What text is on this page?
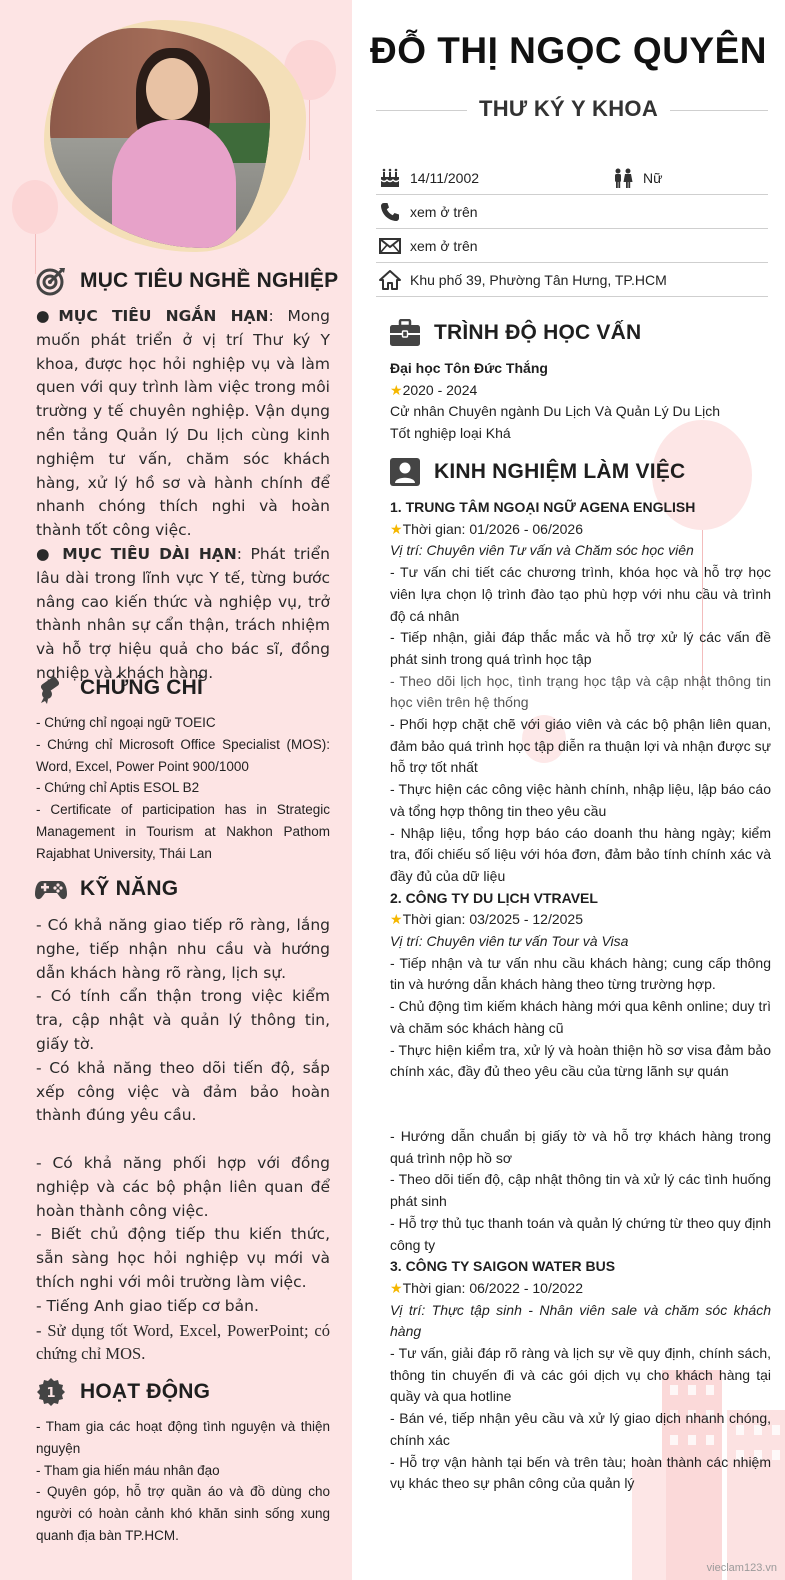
MỤC TIÊU NGHỀ NGHIỆP
●MỤC TIÊU NGẮN HẠN: Mong muốn phát triển ở vị trí Thư ký Y khoa, được học hỏi nghiệp vụ và làm quen với quy trình làm việc trong môi trường y tế chuyên nghiệp. Vận dụng nền tảng Quản lý Du lịch cùng kinh nghiệm tư vấn, chăm sóc khách hàng, xử lý hồ sơ và hành chính để nhanh chóng thích nghi và hoàn thành tốt công việc.
● MỤC TIÊU DÀI HẠN: Phát triển lâu dài trong lĩnh vực Y tế, từng bước nâng cao kiến thức và nghiệp vụ, trở thành nhân sự cẩn thận, trách nhiệm và hỗ trợ hiệu quả cho bác sĩ, đồng nghiệp và khách hàng.
CHỨNG CHỈ
- Chứng chỉ ngoại ngữ TOEIC
- Chứng chỉ Microsoft Office Specialist (MOS): Word, Excel, Power Point 900/1000
- Chứng chỉ Aptis ESOL B2
- Certificate of participation has in Strategic Management in Tourism at Nakhon Pathom Rajabhat University, Thái Lan
KỸ NĂNG
- Có khả năng giao tiếp rõ ràng, lắng nghe, tiếp nhận nhu cầu và hướng dẫn khách hàng rõ ràng, lịch sự.
- Có tính cẩn thận trong việc kiểm tra, cập nhật và quản lý thông tin, giấy tờ.
- Có khả năng theo dõi tiến độ, sắp xếp công việc và đảm bảo hoàn thành đúng yêu cầu.
- Có khả năng phối hợp với đồng nghiệp và các bộ phận liên quan để hoàn thành công việc.
- Biết chủ động tiếp thu kiến thức, sẵn sàng học hỏi nghiệp vụ mới và thích nghi với môi trường làm việc.
- Tiếng Anh giao tiếp cơ bản.
- Sử dụng tốt Word, Excel, PowerPoint; có chứng chỉ MOS.
1 HOẠT ĐỘNG
- Tham gia các hoạt động tình nguyện và thiện nguyện
- Tham gia hiến máu nhân đạo
- Quyên góp, hỗ trợ quần áo và đồ dùng cho người có hoàn cảnh khó khăn sinh sống xung quanh địa bàn TP.HCM.
ĐỖ THỊ NGỌC QUYÊN
THƯ KÝ Y KHOA
14/11/2002	Nữ
xem ở trên
xem ở trên
Khu phố 39, Phường Tân Hưng, TP.HCM
TRÌNH ĐỘ HỌC VẤN
Đại học Tôn Đức Thắng
★2020 - 2024
Cử nhân Chuyên ngành Du Lịch Và Quản Lý Du Lịch
Tốt nghiệp loại Khá
KINH NGHIỆM LÀM VIỆC
1. TRUNG TÂM NGOẠI NGỮ AGENA ENGLISH
★Thời gian: 01/2026 - 06/2026
Vị trí: Chuyên viên Tư vấn và Chăm sóc học viên
- Tư vấn chi tiết các chương trình, khóa học và hỗ trợ học viên lựa chọn lộ trình đào tạo phù hợp với nhu cầu và trình độ cá nhân
- Tiếp nhận, giải đáp thắc mắc và hỗ trợ xử lý các vấn đề phát sinh trong quá trình học tập
- Theo dõi lịch học, tình trạng học tập và cập nhật thông tin học viên trên hệ thống
- Phối hợp chặt chẽ với giáo viên và các bộ phận liên quan, đảm bảo quá trình học tập diễn ra thuận lợi và nhận được sự hỗ trợ tốt nhất
- Thực hiện các công việc hành chính, nhập liệu, lập báo cáo và tổng hợp thông tin theo yêu cầu
- Nhập liệu, tổng hợp báo cáo doanh thu hàng ngày; kiểm tra, đối chiếu số liệu với hóa đơn, đảm bảo tính chính xác và đầy đủ của dữ liệu
2. CÔNG TY DU LỊCH VTRAVEL
★Thời gian: 03/2025 - 12/2025
Vị trí: Chuyên viên tư vấn Tour và Visa
- Tiếp nhận và tư vấn nhu cầu khách hàng; cung cấp thông tin và hướng dẫn khách hàng theo từng trường hợp.
- Chủ động tìm kiếm khách hàng mới qua kênh online; duy trì và chăm sóc khách hàng cũ
- Thực hiện kiểm tra, xử lý và hoàn thiện hồ sơ visa đảm bảo chính xác, đầy đủ theo yêu cầu của từng lãnh sự quán
- Hướng dẫn chuẩn bị giấy tờ và hỗ trợ khách hàng trong quá trình nộp hồ sơ
- Theo dõi tiến độ, cập nhật thông tin và xử lý các tình huống phát sinh
- Hỗ trợ thủ tục thanh toán và quản lý chứng từ theo quy định công ty
3. CÔNG TY SAIGON WATER BUS
★Thời gian: 06/2022 - 10/2022
Vị trí: Thực tập sinh - Nhân viên sale và chăm sóc khách hàng
- Tư vấn, giải đáp rõ ràng và lịch sự về quy định, chính sách, thông tin chuyến đi và các gói dịch vụ cho khách hàng tại quầy và qua hotline
- Bán vé, tiếp nhận yêu cầu và xử lý giao dịch nhanh chóng, chính xác
- Hỗ trợ vận hành tại bến và trên tàu; hoàn thành các nhiệm vụ khác theo sự phân công của quản lý
vieclam123.vn
